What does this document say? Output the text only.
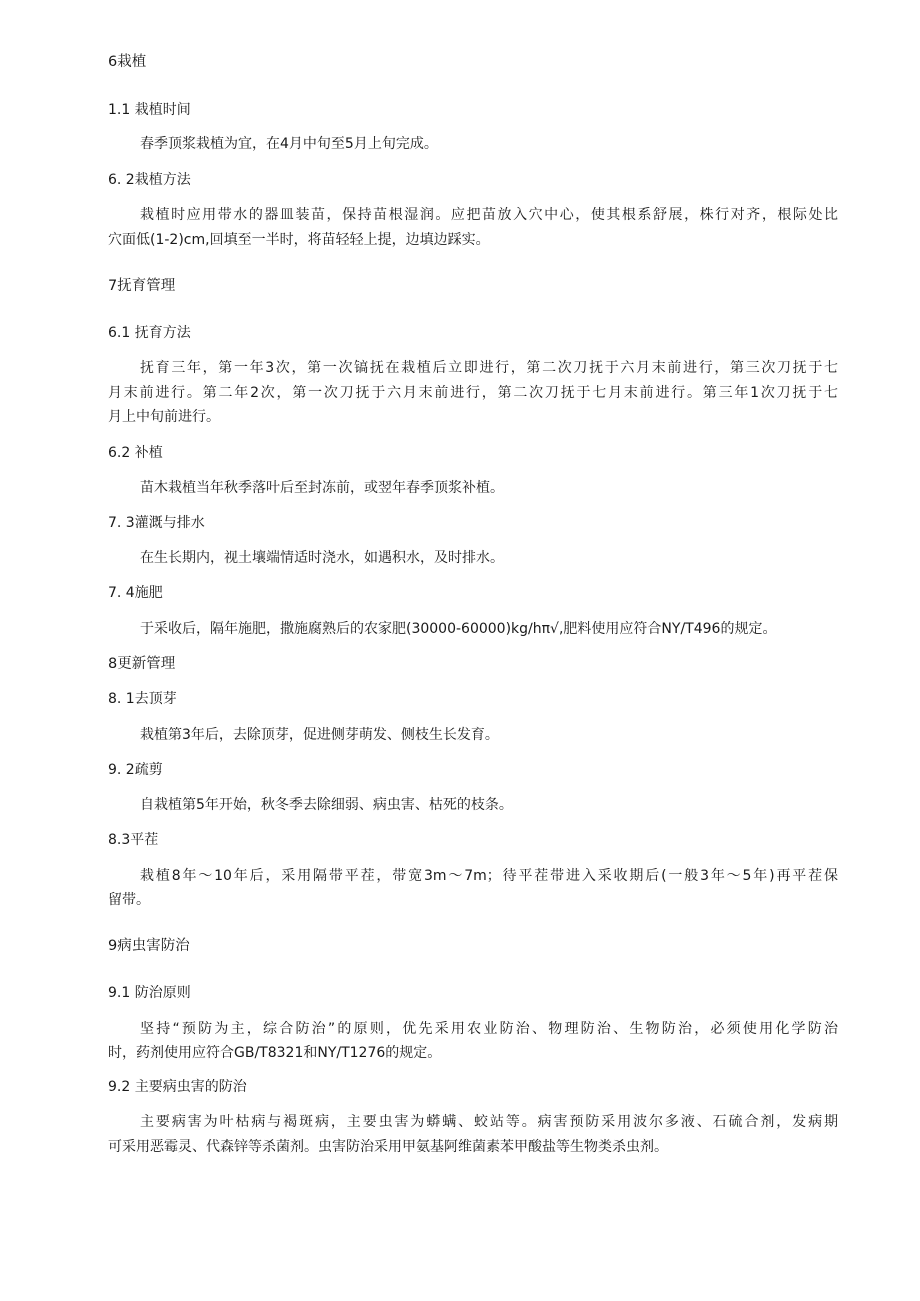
6栽植
1.1 栽植时间
春季顶浆栽植为宜，在4月中旬至5月上旬完成。
6. 2栽植方法
栽植时应用带水的器皿装苗，保持苗根湿润。应把苗放入穴中心，使其根系舒展，株行对齐，根际处比
穴面低(1-2)cm,回填至一半时，将苗轻轻上提，边填边踩实。
7抚育管理
6.1 抚育方法
抚育三年，第一年3次，第一次镐抚在栽植后立即进行，第二次刀抚于六月末前进行，第三次刀抚于七
月末前进行。第二年2次，第一次刀抚于六月末前进行，第二次刀抚于七月末前进行。第三年1次刀抚于七
月上中旬前进行。
6.2 补植
苗木栽植当年秋季落叶后至封冻前，或翌年春季顶浆补植。
7. 3灌溉与排水
在生长期内，视土壤端情适时浇水，如遇积水，及时排水。
7. 4施肥
于采收后，隔年施肥，撒施腐熟后的农家肥(30000-60000)kg∕hπ√,肥料使用应符合NY/T496的规定。
8更新管理
8. 1去顶芽
栽植第3年后，去除顶芽，促进侧芽萌发、侧枝生长发育。
9. 2疏剪
自栽植第5年开始，秋冬季去除细弱、病虫害、枯死的枝条。
8.3平茬
栽植8年～10年后，采用隔带平茬，带宽3m～7m；待平茬带进入采收期后(一般3年～5年)再平茬保
留带。
9病虫害防治
9.1 防治原则
坚持“预防为主，综合防治”的原则，优先采用农业防治、物理防治、生物防治，必须使用化学防治
时，药剂使用应符合GB/T8321和NY/T1276的规定。
9.2 主要病虫害的防治
主要病害为叶枯病与褐斑病，主要虫害为蟒螨、蛟站等。病害预防采用波尔多液、石硫合剂，发病期
可采用恶霉灵、代森锌等杀菌剂。虫害防治采用甲氨基阿维菌素苯甲酸盐等生物类杀虫剂。
